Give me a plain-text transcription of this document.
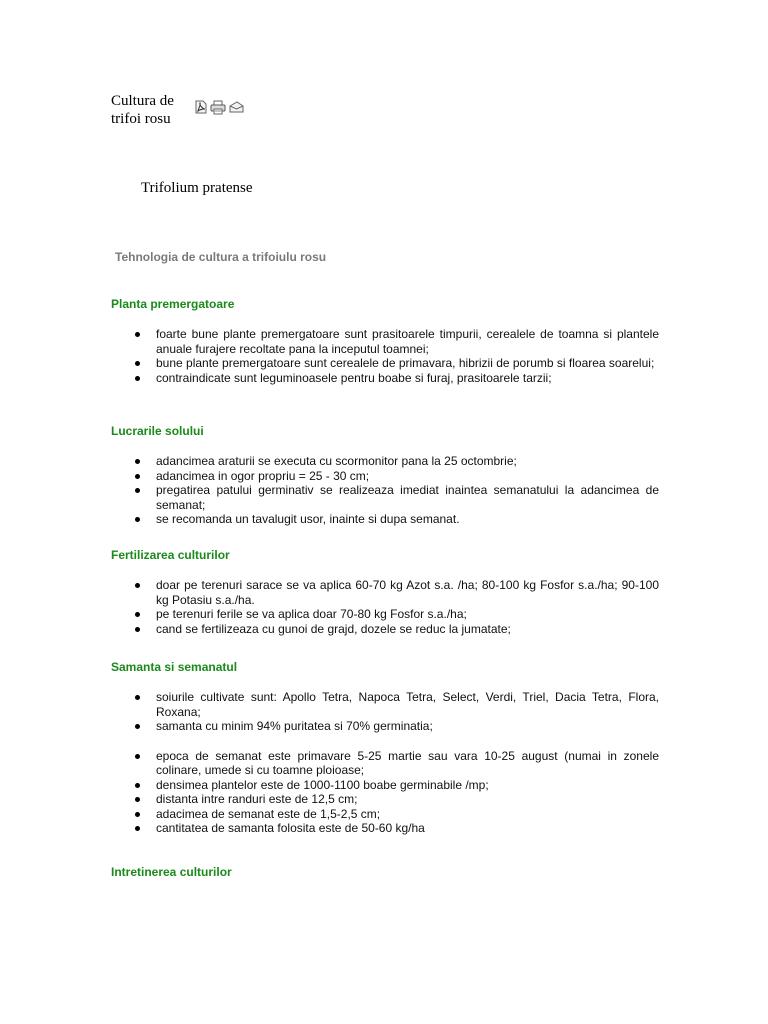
Cultura de trifoi rosu
Trifolium pratense
Tehnologia de cultura a trifoiulu rosu
Planta premergatoare
foarte bune plante premergatoare sunt prasitoarele timpurii, cerealele de toamna si plantele anuale furajere recoltate pana la inceputul toamnei;
bune plante premergatoare sunt cerealele de primavara, hibrizii de porumb si floarea soarelui;
contraindicate sunt leguminoasele pentru boabe si furaj, prasitoarele tarzii;
Lucrarile solului
adancimea araturii se executa cu scormonitor pana la 25 octombrie;
adancimea in ogor propriu = 25 - 30 cm;
pregatirea patului germinativ se realizeaza imediat inaintea semanatului la adancimea de semanat;
se recomanda un tavalugit usor, inainte si dupa semanat.
Fertilizarea culturilor
doar pe terenuri sarace se va aplica 60-70 kg Azot s.a. /ha; 80-100 kg Fosfor s.a./ha; 90-100 kg Potasiu s.a./ha.
pe terenuri ferile se va aplica doar 70-80 kg Fosfor s.a./ha;
cand se fertilizeaza cu gunoi de grajd, dozele se reduc la jumatate;
Samanta si semanatul
soiurile cultivate sunt: Apollo Tetra, Napoca Tetra, Select, Verdi, Triel, Dacia Tetra, Flora, Roxana;
samanta cu minim 94% puritatea si 70% germinatia;
epoca de semanat este primavare 5-25 martie sau vara 10-25 august (numai in zonele colinare, umede si cu toamne ploioase;
densimea plantelor este de 1000-1100 boabe germinabile /mp;
distanta intre randuri este de 12,5 cm;
adacimea de semanat este de 1,5-2,5 cm;
cantitatea de samanta folosita este de 50-60 kg/ha
Intretinerea culturilor
